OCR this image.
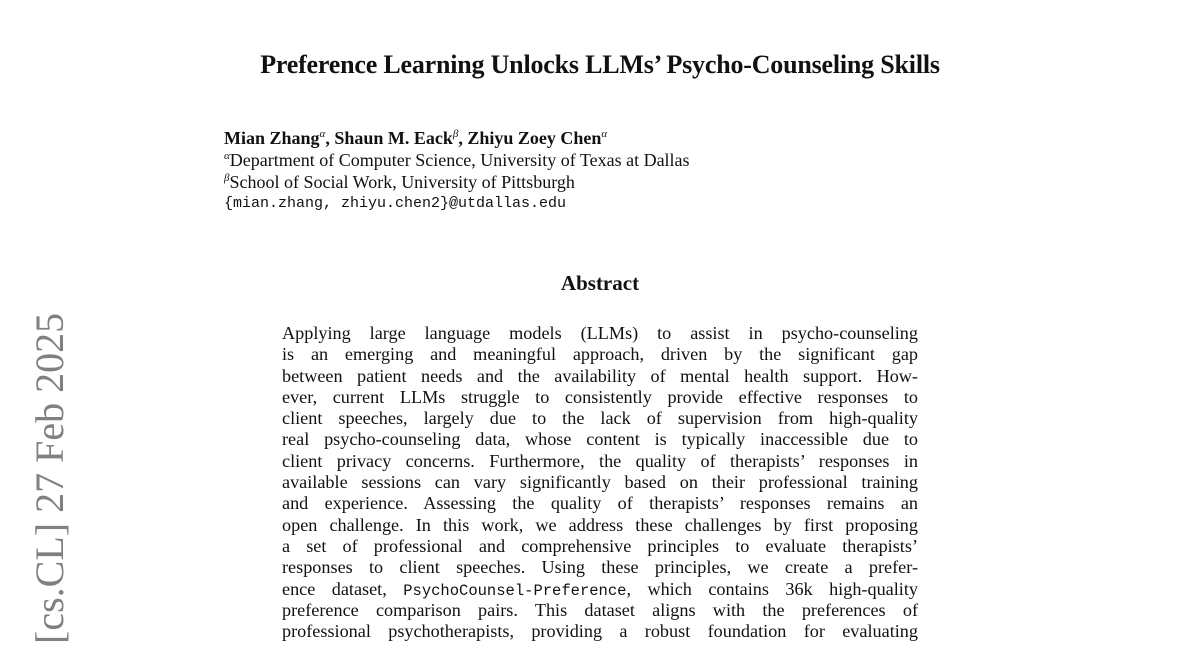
Preference Learning Unlocks LLMs’ Psycho-Counseling Skills
Mian Zhang$^\alpha$, Shaun M. Eack$^\beta$, Zhiyu Zoey Chen$^\alpha$
$^\alpha$Department of Computer Science, University of Texas at Dallas
$^\beta$School of Social Work, University of Pittsburgh
{mian.zhang, zhiyu.chen2}@utdallas.edu
Abstract
Applying large language models (LLMs) to assist in psycho-counseling
is an emerging and meaningful approach, driven by the significant gap
between patient needs and the availability of mental health support. How-
ever, current LLMs struggle to consistently provide effective responses to
client speeches, largely due to the lack of supervision from high-quality
real psycho-counseling data, whose content is typically inaccessible due to
client privacy concerns. Furthermore, the quality of therapists’ responses in
available sessions can vary significantly based on their professional training
and experience. Assessing the quality of therapists’ responses remains an
open challenge. In this work, we address these challenges by first proposing
a set of professional and comprehensive principles to evaluate therapists’
responses to client speeches. Using these principles, we create a prefer-
ence dataset, PsychoCounsel-Preference, which contains 36k high-quality
preference comparison pairs. This dataset aligns with the preferences of
professional psychotherapists, providing a robust foundation for evaluating
[cs.CL] 27 Feb 2025
